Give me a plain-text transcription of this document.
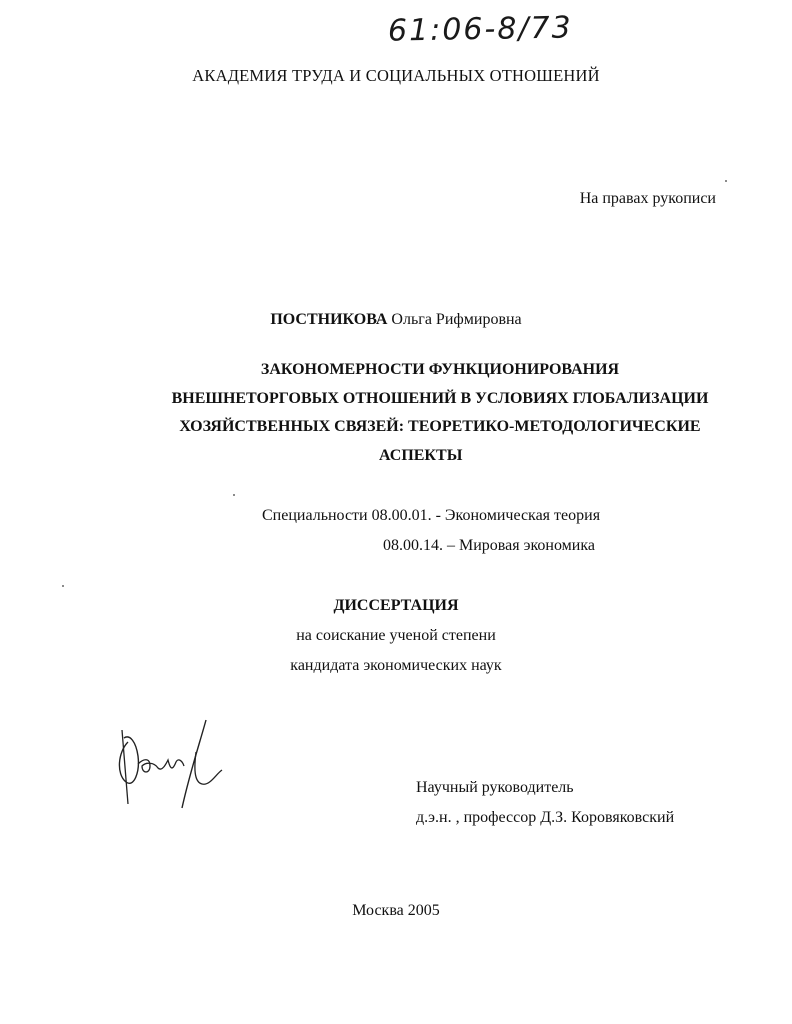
61:06-8/73
АКАДЕМИЯ ТРУДА И СОЦИАЛЬНЫХ ОТНОШЕНИЙ
На правах рукописи
ПОСТНИКОВА Ольга Рифмировна
ЗАКОНОМЕРНОСТИ ФУНКЦИОНИРОВАНИЯ
ВНЕШНЕТОРГОВЫХ ОТНОШЕНИЙ В УСЛОВИЯХ ГЛОБАЛИЗАЦИИ
ХОЗЯЙСТВЕННЫХ СВЯЗЕЙ: ТЕОРЕТИКО-МЕТОДОЛОГИЧЕСКИЕ
АСПЕКТЫ
Специальности 08.00.01. - Экономическая теория
08.00.14. – Мировая экономика
ДИССЕРТАЦИЯ
на соискание ученой степени
кандидата экономических наук
Научный руководитель
д.э.н. , профессор Д.З. Коровяковский
Москва 2005
